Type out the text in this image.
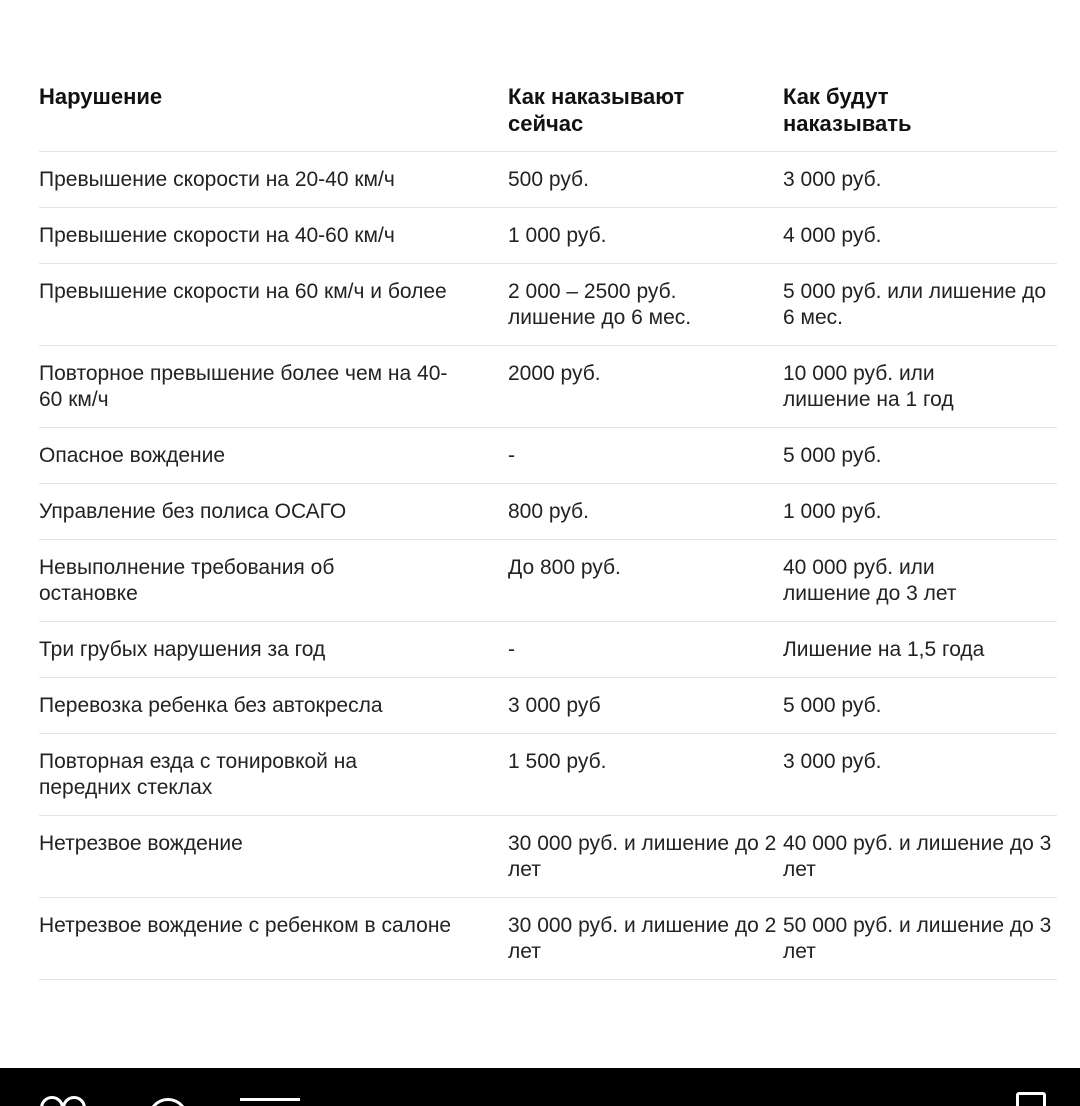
Нарушение	Как наказывают сейчас	Как будут наказывать
Превышение скорости на 20-40 км/ч	500 руб.	3 000 руб.
Превышение скорости на 40-60 км/ч	1 000 руб.	4 000 руб.
Превышение скорости на 60 км/ч и более	2 000 – 2500 руб. лишение до 6 мес.	5 000 руб. или лишение до 6 мес.
Повторное превышение более чем на 40-60 км/ч	2000 руб.	10 000 руб. или лишение на 1 год
Опасное вождение	-	5 000 руб.
Управление без полиса ОСАГО	800 руб.	1 000 руб.
Невыполнение требования об остановке	До 800 руб.	40 000 руб. или лишение до 3 лет
Три грубых нарушения за год	-	Лишение на 1,5 года
Перевозка ребенка без автокресла	3 000 руб	5 000 руб.
Повторная езда с тонировкой на передних стеклах	1 500 руб.	3 000 руб.
Нетрезвое вождение	30 000 руб. и лишение до 2 лет	40 000 руб. и лишение до 3 лет
Нетрезвое вождение с ребенком в салоне	30 000 руб. и лишение до 2 лет	50 000 руб. и лишение до 3 лет
